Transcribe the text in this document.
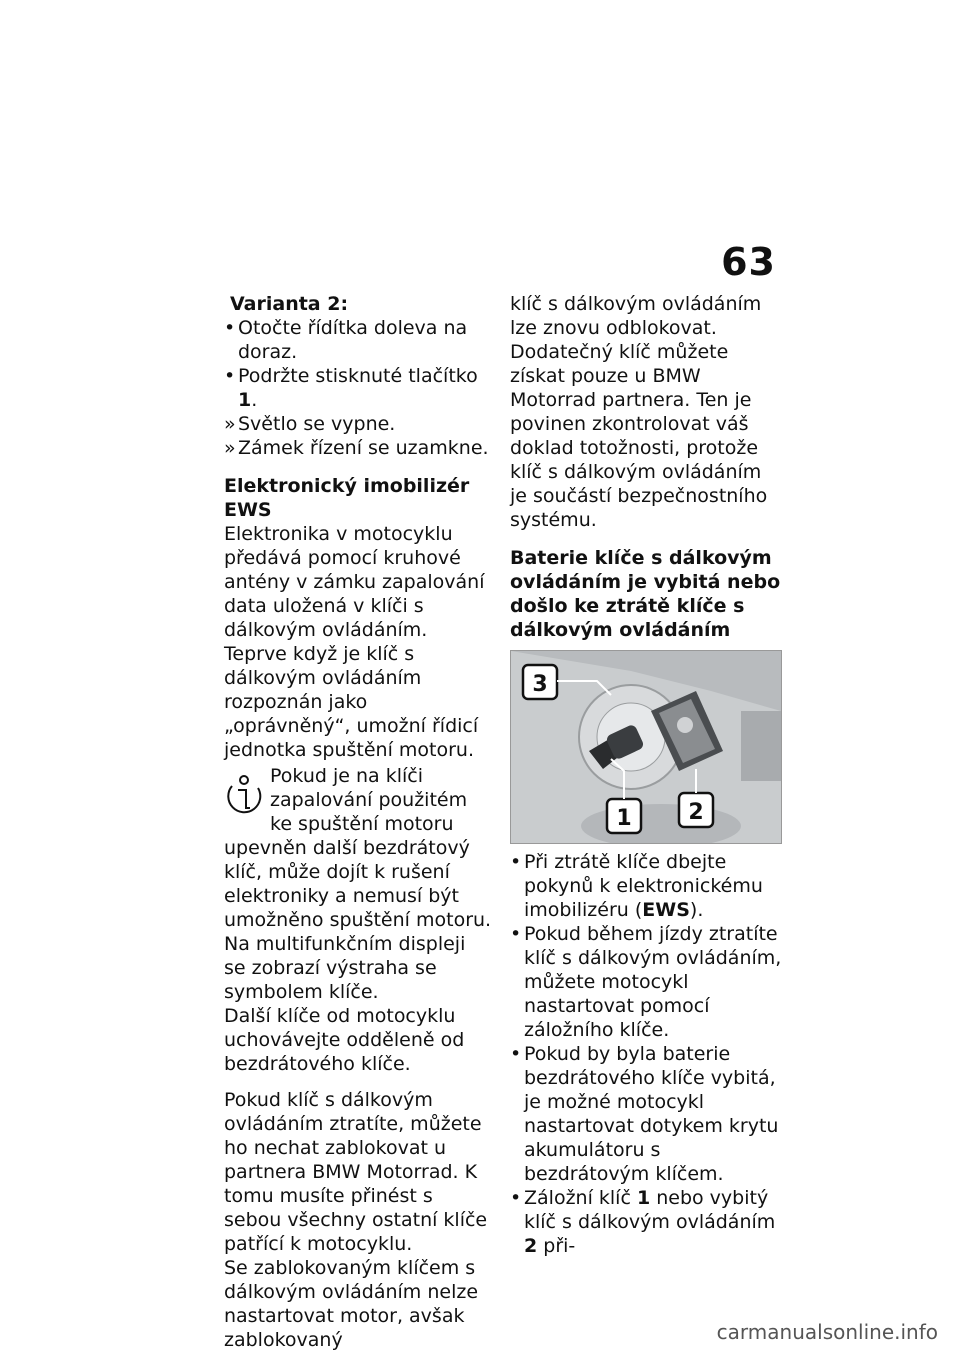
63
Varianta 2:
• Otočte řídítka doleva na doraz.
• Podržte stisknuté tlačítko 1.
» Světlo se vypne.
» Zámek řízení se uzamkne.
Elektronický imobilizér EWS
Elektronika v motocyklu předává pomocí kruhové antény v zámku zapalování data uložená v klíči s dálkovým ovládáním. Teprve když je klíč s dálkovým ovládáním rozpoznán jako „oprávněný“, umožní řídicí jednotka spuštění motoru.
Pokud je na klíči zapalování použitém ke spuštění motoru upevněn další bezdrátový klíč, může dojít k rušení elektroniky a nemusí být umožněno spuštění motoru. Na multifunkčním displeji se zobrazí výstraha se symbolem klíče.
Další klíče od motocyklu uchovávejte odděleně od bezdrátového klíče.
Pokud klíč s dálkovým ovládáním ztratíte, můžete ho nechat zablokovat u partnera BMW Motorrad. K tomu musíte přinést s sebou všechny ostatní klíče patřící k motocyklu.
Se zablokovaným klíčem s dálkovým ovládáním nelze nastartovat motor, avšak zablokovaný
klíč s dálkovým ovládáním lze znovu odblokovat.
Dodatečný klíč můžete získat pouze u BMW Motorrad partnera. Ten je povinen zkontrolovat váš doklad totožnosti, protože klíč s dálkovým ovládáním je součástí bezpečnostního systému.
Baterie klíče s dálkovým ovládáním je vybitá nebo došlo ke ztrátě klíče s dálkovým ovládáním
3
1	2
• Při ztrátě klíče dbejte pokynů k elektronickému imobilizéru (EWS).
• Pokud během jízdy ztratíte klíč s dálkovým ovládáním, můžete motocykl nastartovat pomocí záložního klíče.
• Pokud by byla baterie bezdrátového klíče vybitá, je možné motocykl nastartovat dotykem krytu akumulátoru s bezdrátovým klíčem.
• Záložní klíč 1 nebo vybitý klíč s dálkovým ovládáním 2 při-
carmanualsonline.info
